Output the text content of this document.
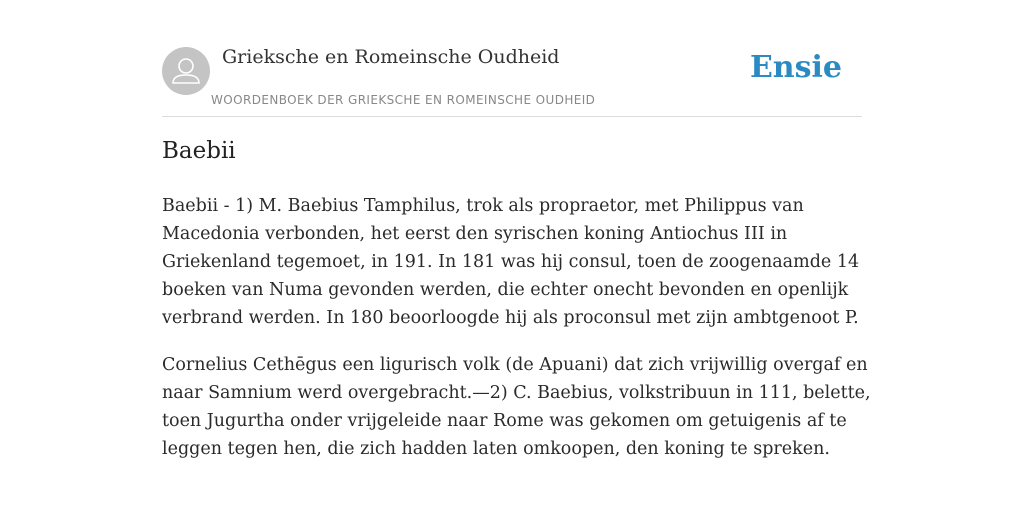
Grieksche en Romeinsche Oudheid
WOORDENBOEK DER GRIEKSCHE EN ROMEINSCHE OUDHEID
Ensie
Baebii

Baebii - 1) M. Baebius Tamphilus, trok als propraetor, met Philippus van
Macedonia verbonden, het eerst den syrischen koning Antiochus III in
Griekenland tegemoet, in 191. In 181 was hij consul, toen de zoogenaamde 14
boeken van Numa gevonden werden, die echter onecht bevonden en openlijk
verbrand werden. In 180 beoorloogde hij als proconsul met zijn ambtgenoot P.

Cornelius Cethēgus een ligurisch volk (de Apuani) dat zich vrijwillig overgaf en
naar Samnium werd overgebracht.—2) C. Baebius, volkstribuun in 111, belette,
toen Jugurtha onder vrijgeleide naar Rome was gekomen om getuigenis af te
leggen tegen hen, die zich hadden laten omkoopen, den koning te spreken.
